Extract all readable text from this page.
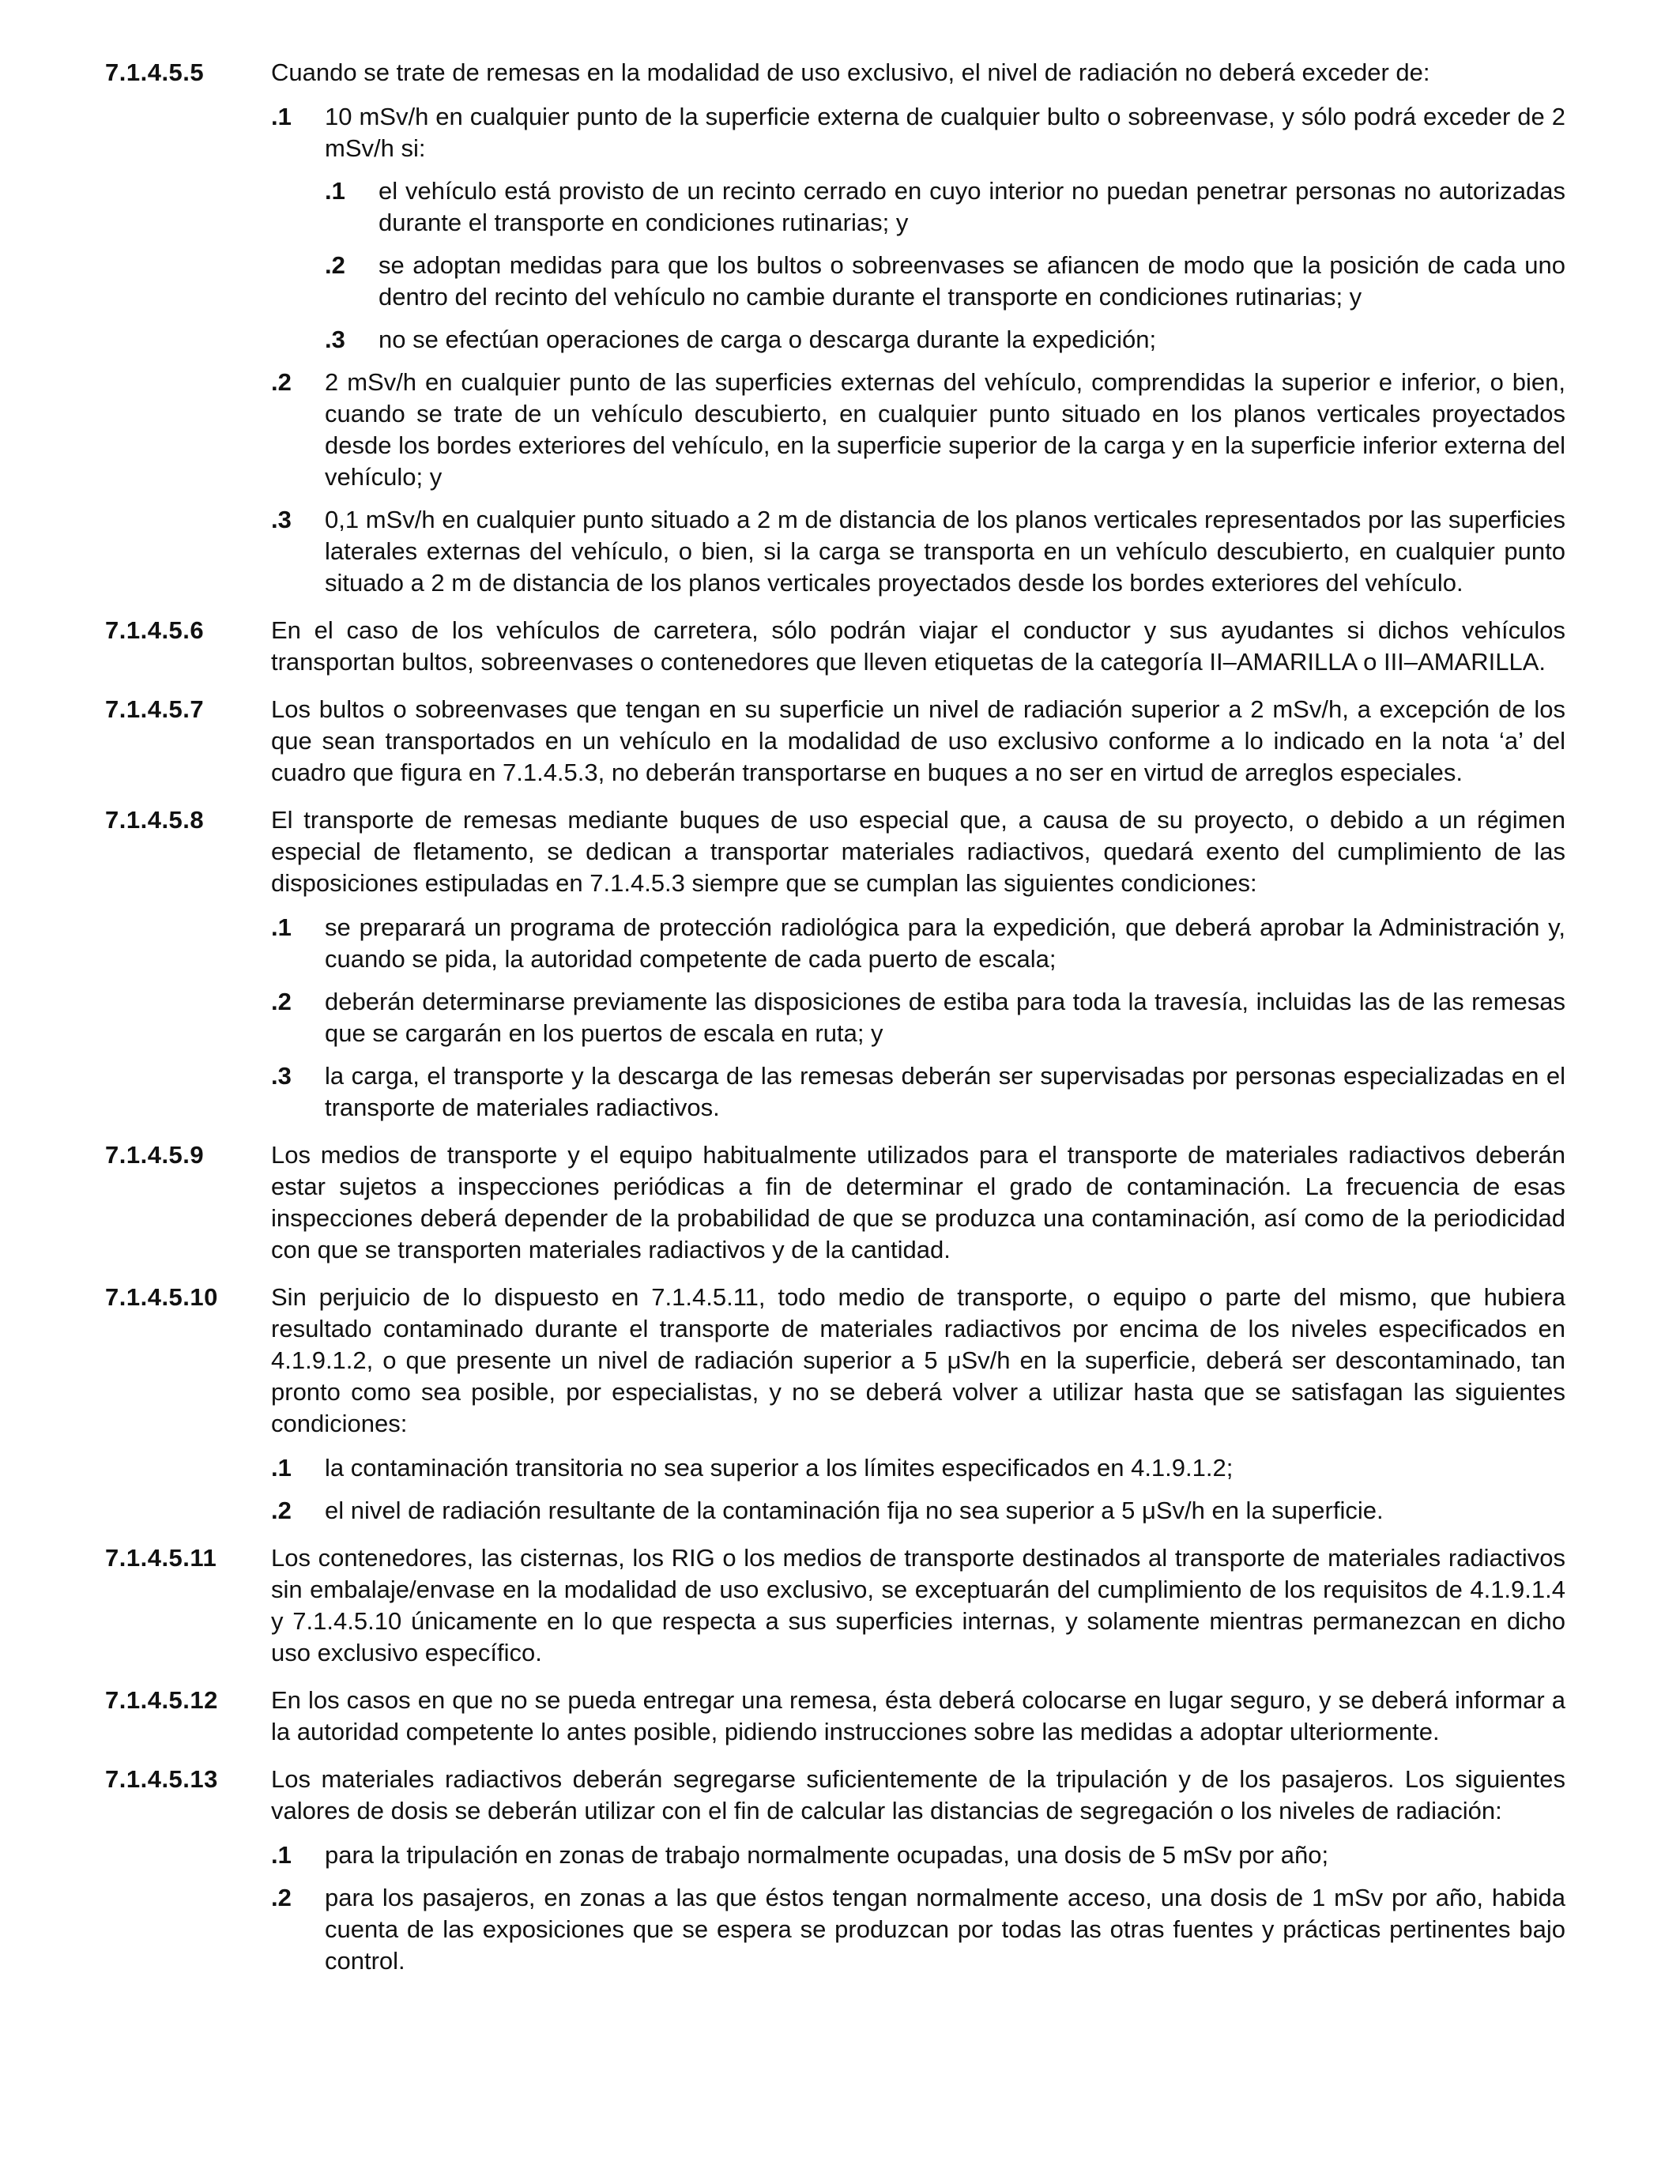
7.1.4.5.5	Cuando se trate de remesas en la modalidad de uso exclusivo, el nivel de radiación no deberá exceder de:
.1 10 mSv/h en cualquier punto de la superficie externa de cualquier bulto o sobreenvase, y sólo podrá exceder de 2 mSv/h si:
.1 el vehículo está provisto de un recinto cerrado en cuyo interior no puedan penetrar personas no autorizadas durante el transporte en condiciones rutinarias; y
.2 se adoptan medidas para que los bultos o sobreenvases se afiancen de modo que la posición de cada uno dentro del recinto del vehículo no cambie durante el transporte en condiciones rutinarias; y
.3 no se efectúan operaciones de carga o descarga durante la expedición;
.2 2 mSv/h en cualquier punto de las superficies externas del vehículo, comprendidas la superior e inferior, o bien, cuando se trate de un vehículo descubierto, en cualquier punto situado en los planos verticales proyectados desde los bordes exteriores del vehículo, en la superficie superior de la carga y en la superficie inferior externa del vehículo; y
.3 0,1 mSv/h en cualquier punto situado a 2 m de distancia de los planos verticales representados por las superficies laterales externas del vehículo, o bien, si la carga se transporta en un vehículo descubierto, en cualquier punto situado a 2 m de distancia de los planos verticales proyectados desde los bordes exteriores del vehículo.
7.1.4.5.6	En el caso de los vehículos de carretera, sólo podrán viajar el conductor y sus ayudantes si dichos vehículos transportan bultos, sobreenvases o contenedores que lleven etiquetas de la categoría II–AMARILLA o III–AMARILLA.
7.1.4.5.7	Los bultos o sobreenvases que tengan en su superficie un nivel de radiación superior a 2 mSv/h, a excepción de los que sean transportados en un vehículo en la modalidad de uso exclusivo conforme a lo indicado en la nota ‘a’ del cuadro que figura en 7.1.4.5.3, no deberán transportarse en buques a no ser en virtud de arreglos especiales.
7.1.4.5.8	El transporte de remesas mediante buques de uso especial que, a causa de su proyecto, o debido a un régimen especial de fletamento, se dedican a transportar materiales radiactivos, quedará exento del cumplimiento de las disposiciones estipuladas en 7.1.4.5.3 siempre que se cumplan las siguientes condiciones:
.1 se preparará un programa de protección radiológica para la expedición, que deberá aprobar la Administración y, cuando se pida, la autoridad competente de cada puerto de escala;
.2 deberán determinarse previamente las disposiciones de estiba para toda la travesía, incluidas las de las remesas que se cargarán en los puertos de escala en ruta; y
.3 la carga, el transporte y la descarga de las remesas deberán ser supervisadas por personas especializadas en el transporte de materiales radiactivos.
7.1.4.5.9	Los medios de transporte y el equipo habitualmente utilizados para el transporte de materiales radiactivos deberán estar sujetos a inspecciones periódicas a fin de determinar el grado de contaminación. La frecuencia de esas inspecciones deberá depender de la probabilidad de que se produzca una contaminación, así como de la periodicidad con que se transporten materiales radiactivos y de la cantidad.
7.1.4.5.10 Sin perjuicio de lo dispuesto en 7.1.4.5.11, todo medio de transporte, o equipo o parte del mismo, que hubiera resultado contaminado durante el transporte de materiales radiactivos por encima de los niveles especificados en 4.1.9.1.2, o que presente un nivel de radiación superior a 5 μSv/h en la superficie, deberá ser descontaminado, tan pronto como sea posible, por especialistas, y no se deberá volver a utilizar hasta que se satisfagan las siguientes condiciones:
.1 la contaminación transitoria no sea superior a los límites especificados en 4.1.9.1.2;
.2 el nivel de radiación resultante de la contaminación fija no sea superior a 5 μSv/h en la superficie.
7.1.4.5.11 Los contenedores, las cisternas, los RIG o los medios de transporte destinados al transporte de materiales radiactivos sin embalaje/envase en la modalidad de uso exclusivo, se exceptuarán del cumplimiento de los requisitos de 4.1.9.1.4 y 7.1.4.5.10 únicamente en lo que respecta a sus superficies internas, y solamente mientras permanezcan en dicho uso exclusivo específico.
7.1.4.5.12 En los casos en que no se pueda entregar una remesa, ésta deberá colocarse en lugar seguro, y se deberá informar a la autoridad competente lo antes posible, pidiendo instrucciones sobre las medidas a adoptar ulteriormente.
7.1.4.5.13 Los materiales radiactivos deberán segregarse suficientemente de la tripulación y de los pasajeros. Los siguientes valores de dosis se deberán utilizar con el fin de calcular las distancias de segregación o los niveles de radiación:
.1 para la tripulación en zonas de trabajo normalmente ocupadas, una dosis de 5 mSv por año;
.2 para los pasajeros, en zonas a las que éstos tengan normalmente acceso, una dosis de 1 mSv por año, habida cuenta de las exposiciones que se espera se produzcan por todas las otras fuentes y prácticas pertinentes bajo control.
